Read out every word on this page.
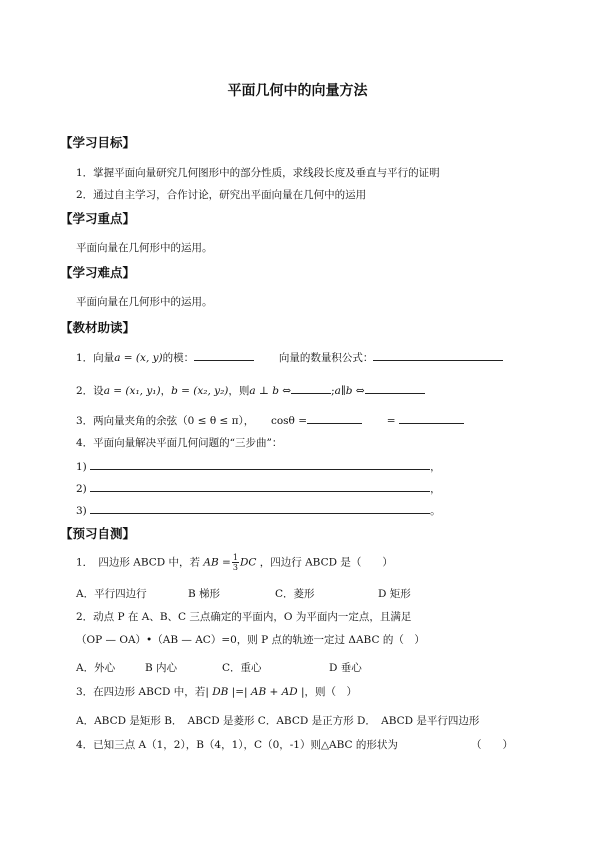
平面几何中的向量方法
【学习目标】
1．掌握平面向量研究几何图形中的部分性质，求线段长度及垂直与平行的证明
2．通过自主学习，合作讨论，研究出平面向量在几何中的运用
【学习重点】
平面向量在几何形中的运用。
【学习难点】
平面向量在几何形中的运用。
【教材助读】
1．向量a = (x, y)的模：	向量的数量积公式：
2．设a = (x₁, y₁)，b = (x₂, y₂)，则a ⊥ b ⇔	;a∥b ⇔
3．两向量夹角的余弦（0 ≤ θ ≤ π）， cosθ =	=
4．平面向量解决平面几何问题的“三步曲”：
1)	，
2)	，
3)	。
【预习自测】
1．　四边形 ABCD 中，若 AB = $\frac{1}{3}$ DC ，四边行 ABCD 是（　　）
A．平行四边行	B 梯形	C．菱形	D 矩形
2．动点 P 在 A、B、C 三点确定的平面内，O 为平面内一定点，且满足
（OP — OA）•（AB — AC）=0，则 P 点的轨迹一定过 ΔABC 的（　）
A．外心	B 内心	C．重心	D 垂心
3．在四边形 ABCD 中，若| DB |=| AB + AD |，则（　）
A．ABCD 是矩形 B．　ABCD 是菱形 C．ABCD 是正方形 D．　ABCD 是平行四边形
4．已知三点 A（1，2），B（4，1），C（0，-1）则△ABC 的形状为	（　　）
